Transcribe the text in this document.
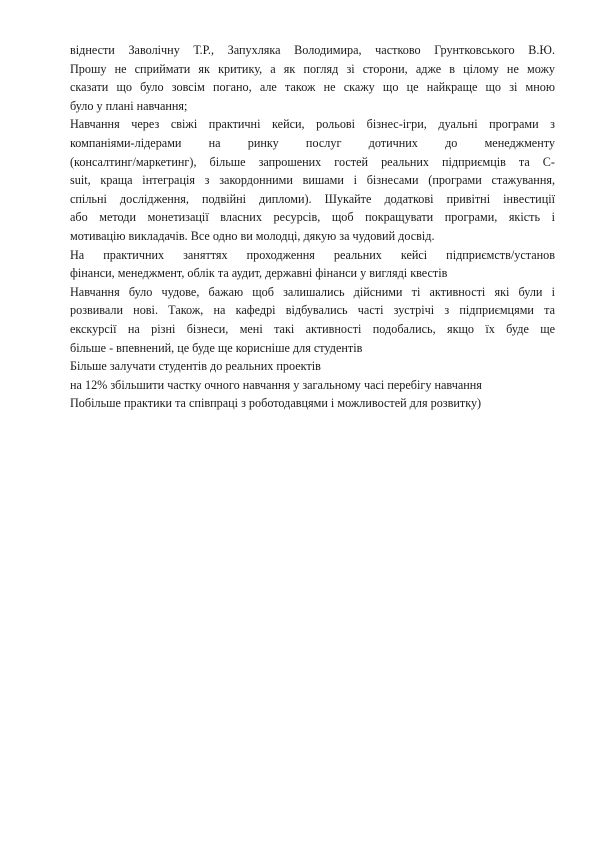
віднести Заволічну Т.Р., Запухляка Володимира, частково Грунтковського В.Ю.
Прошу не сприймати як критику, а як погляд зі сторони, адже в цілому не можу
сказати що було зовсім погано, але також не скажу що це найкраще що зі мною
було у плані навчання;
Навчання через свіжі практичні кейси, рольові бізнес-ігри, дуальні програми з
компаніями-лідерами на ринку послуг дотичних до менеджменту
(консалтинг/маркетинг), більше запрошених гостей реальних підприємців та C-
suit, краща інтеграція з закордонними вишами і бізнесами (програми стажування,
спільні дослідження, подвійні дипломи). Шукайте додаткові привітні інвестиції
або методи монетизації власних ресурсів, щоб покращувати програми, якість і
мотивацію викладачів. Все одно ви молодці, дякую за чудовий досвід.
На практичних заняттях проходження реальних кейсі підприємств/установ
фінанси, менеджмент, облік та аудит, державні фінанси у вигляді квестів
Навчання було чудове, бажаю щоб залишались дійсними ті активності які були і
розвивали нові. Також, на кафедрі відбувались часті зустрічі з підприємцями та
екскурсії на різні бізнеси, мені такі активності подобались, якщо їх буде ще
більше - впевнений, це буде ще корисніше для студентів
Більше залучати студентів до реальних проектів
на 12% збільшити частку очного навчання у загальному часі перебігу навчання
Побільше практики та співпраці з роботодавцями і можливостей для розвитку)
